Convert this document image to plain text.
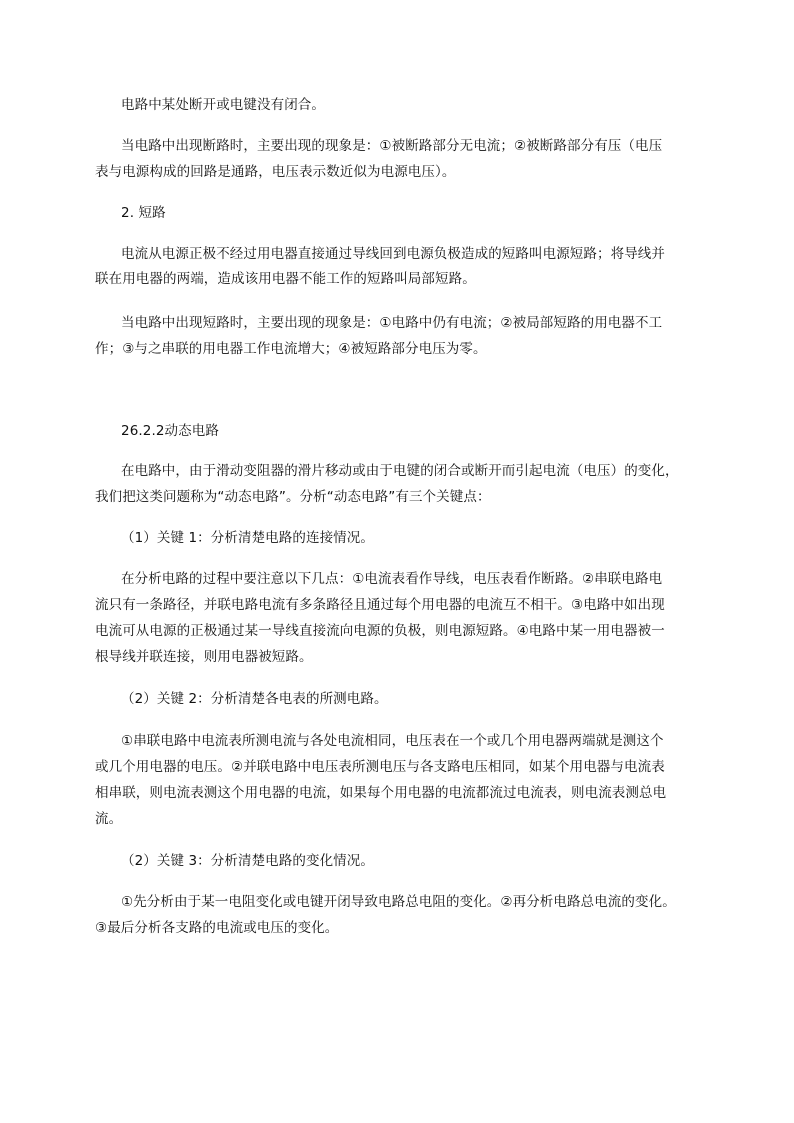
电路中某处断开或电键没有闭合。
当电路中出现断路时，主要出现的现象是：①被断路部分无电流；②被断路部分有压（电压
表与电源构成的回路是通路，电压表示数近似为电源电压）。
2. 短路
电流从电源正极不经过用电器直接通过导线回到电源负极造成的短路叫电源短路；将导线并
联在用电器的两端，造成该用电器不能工作的短路叫局部短路。
当电路中出现短路时，主要出现的现象是：①电路中仍有电流；②被局部短路的用电器不工
作；③与之串联的用电器工作电流增大；④被短路部分电压为零。
26.2.2动态电路
在电路中，由于滑动变阻器的滑片移动或由于电键的闭合或断开而引起电流（电压）的变化，
我们把这类问题称为“动态电路”。分析“动态电路”有三个关键点：
（1）关键 1：分析清楚电路的连接情况。
在分析电路的过程中要注意以下几点：①电流表看作导线，电压表看作断路。②串联电路电
流只有一条路径，并联电路电流有多条路径且通过每个用电器的电流互不相干。③电路中如出现
电流可从电源的正极通过某一导线直接流向电源的负极，则电源短路。④电路中某一用电器被一
根导线并联连接，则用电器被短路。
（2）关键 2：分析清楚各电表的所测电路。
①串联电路中电流表所测电流与各处电流相同，电压表在一个或几个用电器两端就是测这个
或几个用电器的电压。②并联电路中电压表所测电压与各支路电压相同，如某个用电器与电流表
相串联，则电流表测这个用电器的电流，如果每个用电器的电流都流过电流表，则电流表测总电
流。
（2）关键 3：分析清楚电路的变化情况。
①先分析由于某一电阻变化或电键开闭导致电路总电阻的变化。②再分析电路总电流的变化。
③最后分析各支路的电流或电压的变化。
